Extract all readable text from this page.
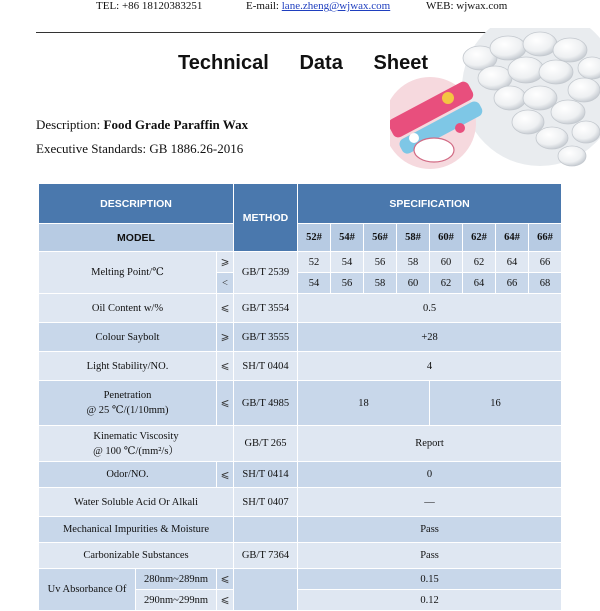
TEL: +86 18120383251	E-mail: lane.zheng@wjwax.com	WEB: wjwax.com
Technical Data Sheet
Description: Food Grade Paraffin Wax
Executive Standards: GB 1886.26-2016
DESCRIPTION			METHOD	SPECIFICATION							
MODEL				52#	54#	56#	58#	60#	62#	64#	66#
Melting Point/℃		⩾	GB/T 2539	52	54	56	58	60	62	64	66
		<		54	56	58	60	62	64	66	68
Oil Content w/%		⩽	GB/T 3554	0.5							
Colour Saybolt		⩾	GB/T 3555	+28							
Light Stability/NO.		⩽	SH/T 0404	4							

Penetration
@ 25 ℃/(1/10mm)		⩽	GB/T 4985	18				16			

Kinematic Viscosity
@ 100 ℃/(mm²/s）			GB/T 265	Report							
Odor/NO.		⩽	SH/T 0414	0							
Water Soluble Acid Or Alkali			SH/T 0407	—							
Mechanical Impurities & Moisture				Pass							
Carbonizable Substances			GB/T 7364	Pass							
Uv Absorbance Of	280nm~289nm	⩽		0.15							
	290nm~299nm	⩽		0.12							
